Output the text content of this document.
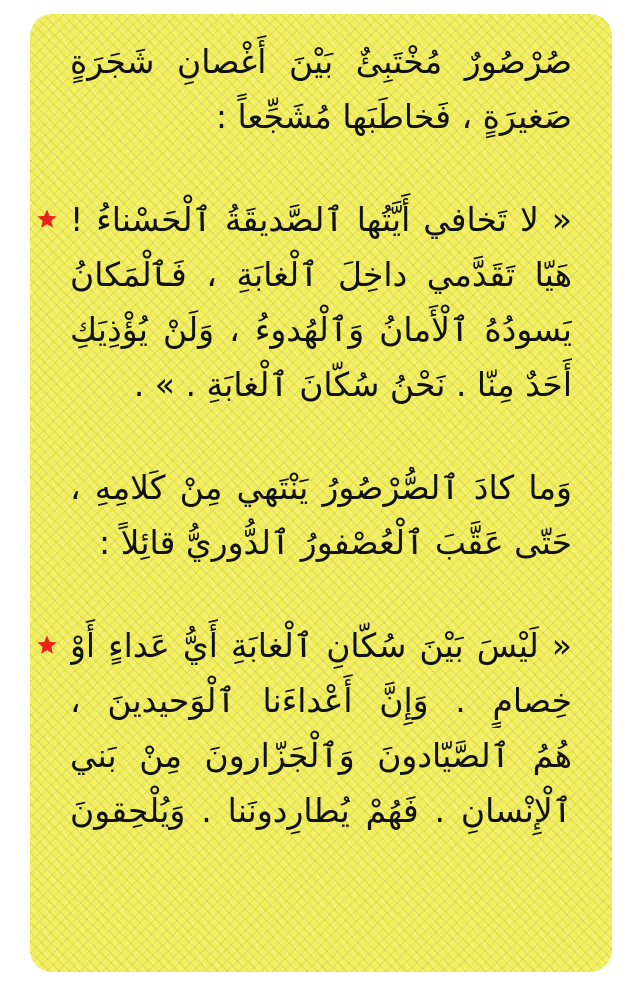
صُرْصُورٌ مُخْتَبِئٌ بَيْنَ أَغْصانِ شَجَرَةٍ
صَغيرَةٍ ، فَخاطَبَها مُشَجِّعاً :
« لا تَخافي أَيَّتُها ٱلصَّديقَةُ ٱلْحَسْناءُ !
هَيّا تَقَدَّمي داخِلَ ٱلْغابَةِ ، فَٱلْمَكانُ
يَسودُهُ ٱلْأَمانُ وَٱلْهُدوءُ ، وَلَنْ يُؤْذِيَكِ
أَحَدٌ مِنّا . نَحْنُ سُكّانَ ٱلْغابَةِ . » .
وَما كادَ ٱلصُّرْصُورُ يَنْتَهي مِنْ كَلامِهِ ،
حَتّى عَقَّبَ ٱلْعُصْفورُ ٱلدُّوريُّ قائِلاً :
« لَيْسَ بَيْنَ سُكّانِ ٱلْغابَةِ أَيُّ عَداءٍ أَوْ
خِصامٍ . وَإِنَّ أَعْداءَنا ٱلْوَحيدينَ ،
هُمُ ٱلصَّيّادونَ وَٱلْجَزّارونَ مِنْ بَني
ٱلْإِنْسانِ . فَهُمْ يُطارِدونَنا . وَيُلْحِقونَ
